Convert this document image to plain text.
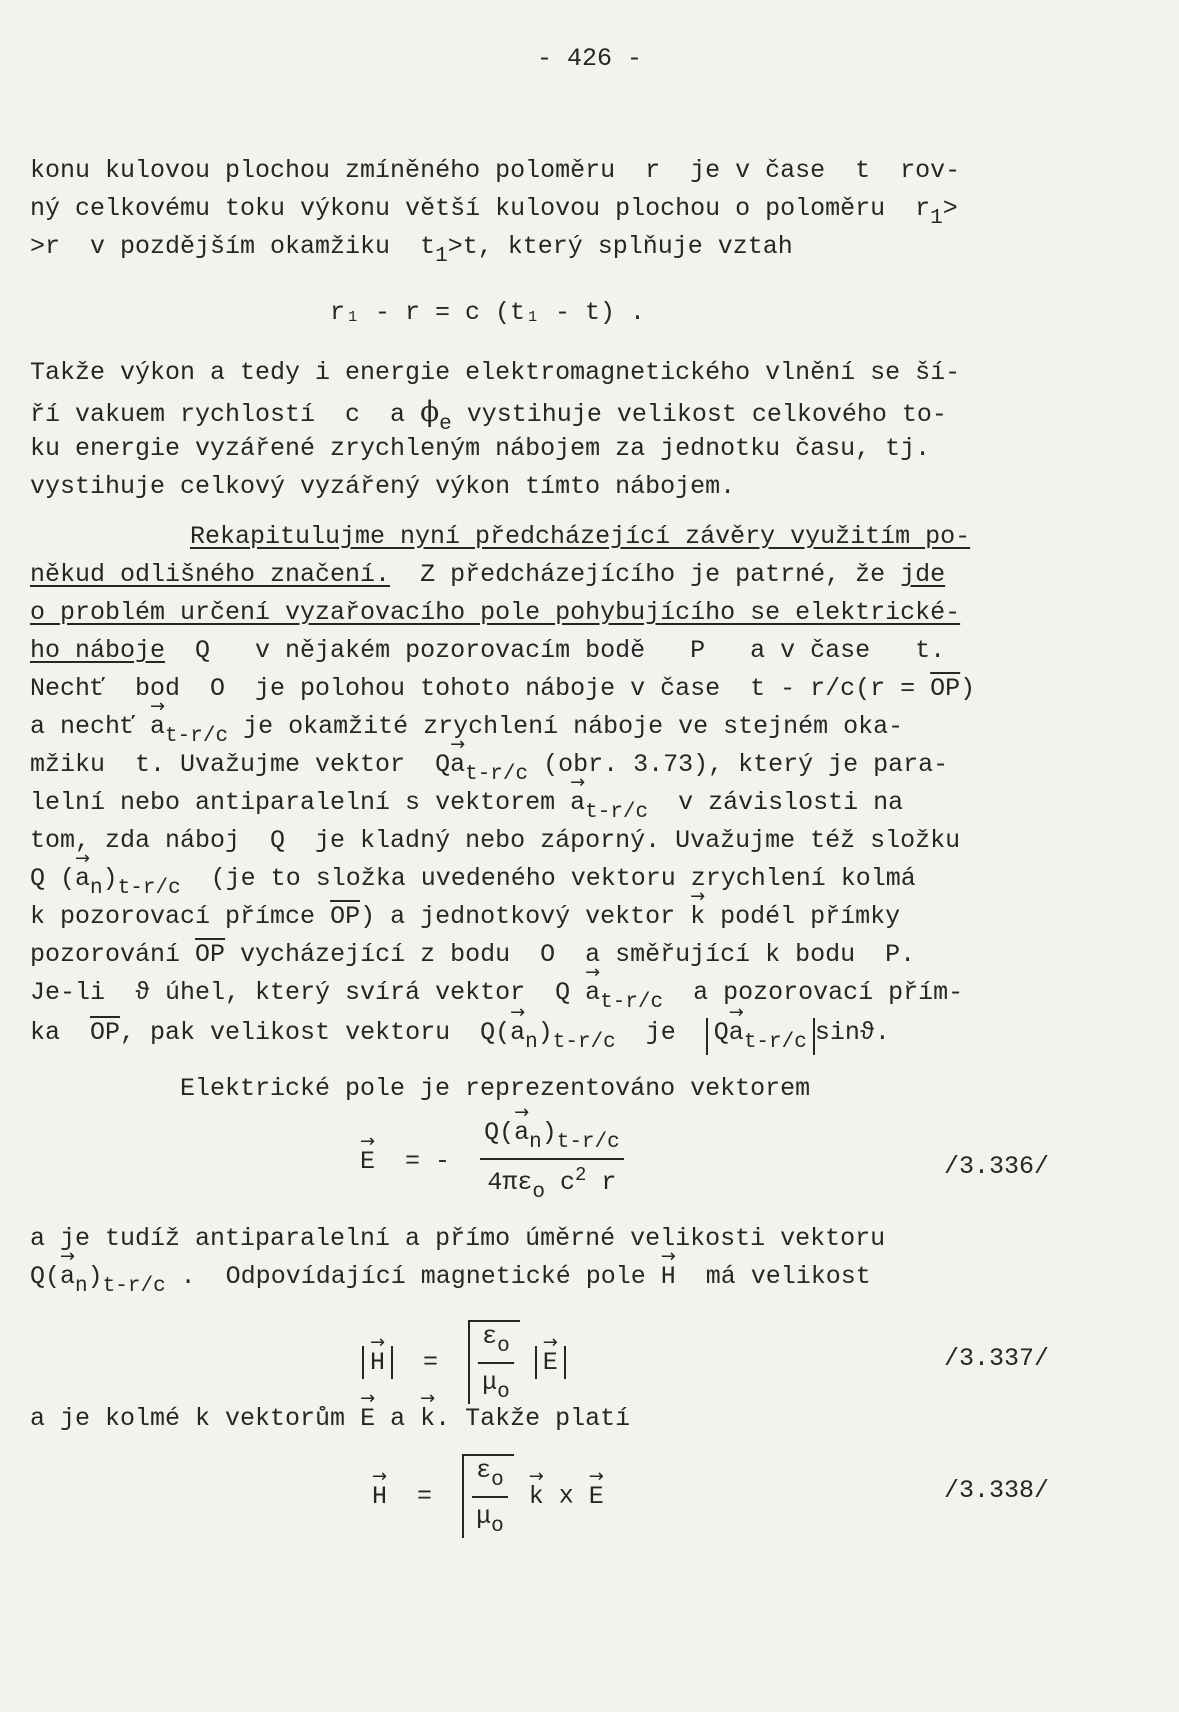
- 426 -
konu kulovou plochou zmíněného poloměru  r  je v čase  t  rov-
ný celkovému toku výkonu větší kulovou plochou o poloměru  $r_1>$
>r  v pozdějším okamžiku  $t_1>t$, který splňuje vztah
r₁ - r = c (t₁ - t) .
Takže výkon a tedy i energie elektromagnetického vlnění se ší-
ří vakuem rychlostí  c  a $\phi_e$ vystihuje velikost celkového to-
ku energie vyzářené zrychleným nábojem za jednotku času, tj.
vystihuje celkový vyzářený výkon tímto nábojem.
Rekapitulujme nyní předcházející závěry využitím po-
někud odlišného značení.  Z předcházejícího je patrné, že jde
o problém určení vyzařovacího pole pohybujícího se elektrické-
ho náboje  Q   v nějakém pozorovacím bodě   P   a v čase   t.
Nechť  bod  O  je polohou tohoto náboje v čase  $t - r/c(r = \overline{OP})$
a nechť → $a_{t-r/c}$ je okamžité zrychlení náboje ve stejném oka-
mžiku  t. Uvažujme vektor  $Q\to a_{t-r/c}$ (obr. 3.73), který je para-
lelní nebo antiparalelní s vektorem → $a_{t-r/c}$  v závislosti na
tom, zda náboj  Q  je kladný nebo záporný. Uvažujme též složku
Q (→ $a_n)_{t-r/c}$  (je to složka uvedeného vektoru zrychlení kolmá
k pozorovací přímce $\overline{OP}$) a jednotkový vektor → k podél přímky
pozorování $\overline{OP}$ vycházející z bodu  O  a směřující k bodu  P.
Je-li  ϑ úhel, který svírá vektor  $Q \to a_{t-r/c}$  a pozorovací přím-
ka  $\overline{OP}$, pak velikost vektoru  $Q(\to a_n)_{t-r/c}$  je  $Q\to a_{t-r/c}$ sinϑ.
Elektrické pole je reprezentováno vektorem
→ E = - $\frac{Q(\to a_n)_{t-r/c}}{4\pi\varepsilon_o c^2 r}$	/3.336/
a je tudíž antiparalelní a přímo úměrné velikosti vektoru
$Q(\to a_n)_{t-r/c}$ .  Odpovídající magnetické pole → H  má velikost
→ $H = \frac{\varepsilon_o}{\mu_o} \to E$	/3.337/
a je kolmé k vektorům → E a → k. Takže platí
→ $H = \frac{\varepsilon_o}{\mu_o} \to k$ x → E	/3.338/
